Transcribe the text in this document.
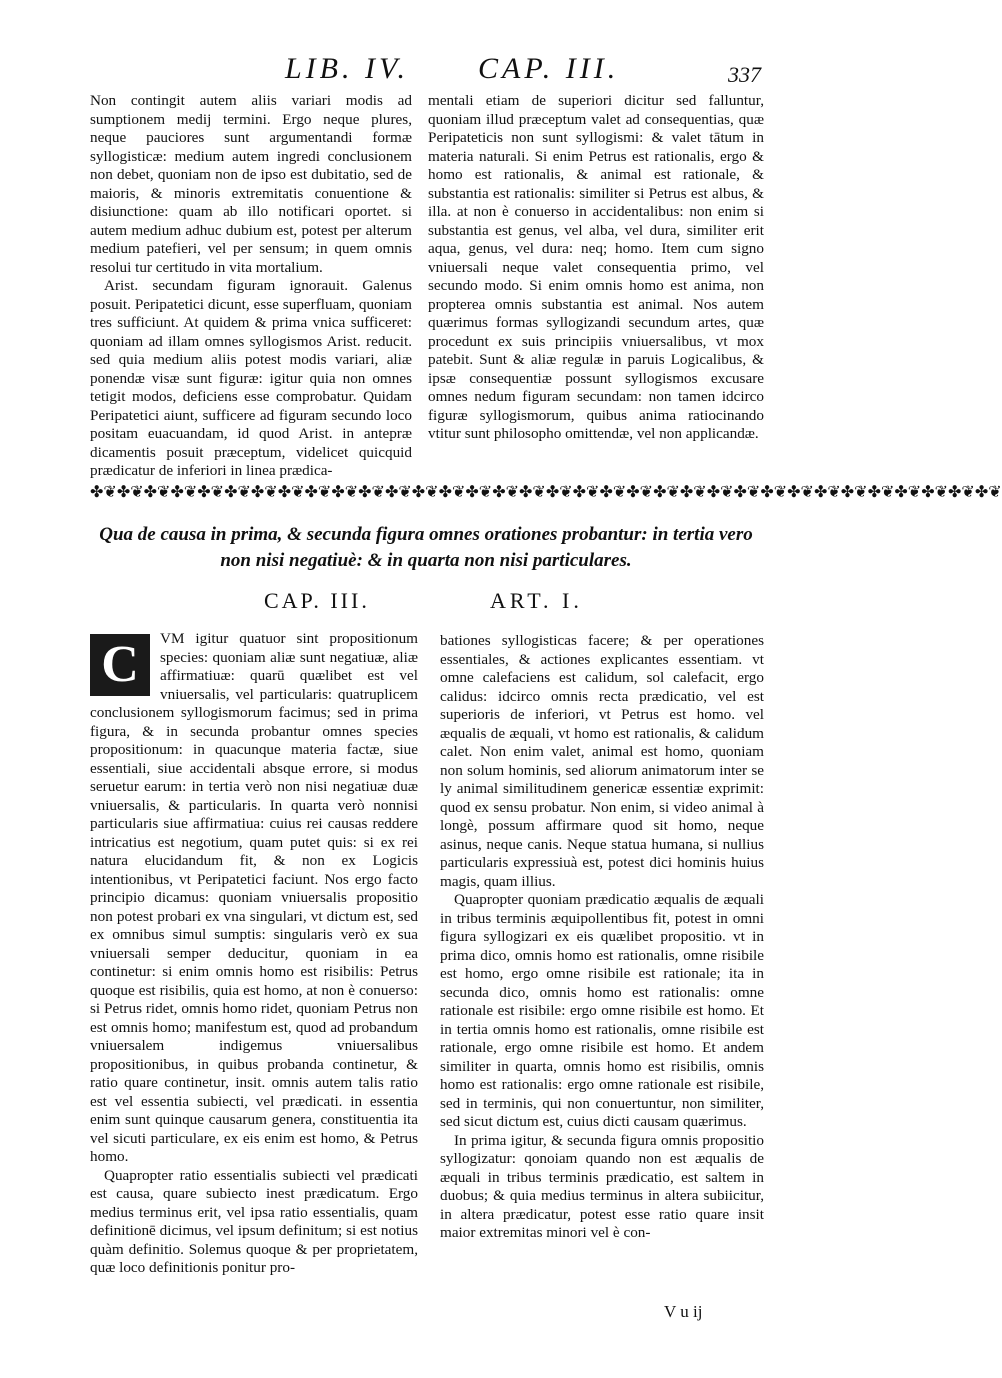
LIB. IV. CAP. III.	337

Non contingit autem aliis variari modis ad sumptionem medij termini. Ergo neque plures, neque pauciores sunt argumentandi formæ syllogisticæ: medium autem ingredi conclusionem non debet, quoniam non de ipso est dubitatio, sed de maioris, & minoris extremitatis conuentione & disiunctione: quam ab illo notificari oportet. si autem medium adhuc dubium est, potest per alterum medium patefieri, vel per sensum; in quem omnis resolui tur certitudo in vita mortalium.

Arist. secundam figuram ignorauit. Galenus posuit. Peripatetici dicunt, esse superfluam, quoniam tres sufficiunt. At quidem & prima vnica sufficeret: quoniam ad illam omnes syllogismos Arist. reducit. sed quia medium aliis potest modis variari, aliæ ponendæ visæ sunt figuræ: igitur quia non omnes tetigit modos, deficiens esse comprobatur. Quidam Peripatetici aiunt, sufficere ad figuram secundo loco positam euacuandam, id quod Arist. in antepræ dicamentis posuit præceptum, videlicet quicquid prædicatur de inferiori in linea prædica-

mentali etiam de superiori dicitur sed falluntur, quoniam illud præceptum valet ad consequentias, quæ Peripateticis non sunt syllogismi: & valet tātum in materia naturali. Si enim Petrus est rationalis, ergo & homo est rationalis, & animal est rationale, & substantia est rationalis: similiter si Petrus est albus, & illa. at non è conuerso in accidentalibus: non enim si substantia est genus, vel alba, vel dura, similiter erit aqua, genus, vel dura: neq; homo. Item cum signo vniuersali neque valet consequentia primo, vel secundo modo. Si enim omnis homo est anima, non propterea omnis substantia est animal. Nos autem quærimus formas syllogizandi secundum artes, quæ procedunt ex suis principiis vniuersalibus, vt mox patebit. Sunt & aliæ regulæ in paruis Logicalibus, & ipsæ consequentiæ possunt syllogismos excusare omnes nedum figuram secundam: non tamen idcirco figuræ syllogismorum, quibus anima ratiocinando vtitur sunt philosopho omittendæ, vel non applicandæ.

✤❦✤❦✤❦✤❦✤❦✤❦✤❦✤❦✤❦✤❦✤❦✤❦✤❦✤❦✤❦✤❦✤❦✤❦✤❦✤❦✤❦✤❦✤❦✤❦✤❦✤❦✤❦✤❦✤❦✤❦✤❦✤❦✤❦✤❦
Qua de causa in prima, & secunda figura omnes orationes probantur: in tertia vero non nisi negatiuè: & in quarta non nisi particulares.
CAP. III.	ART. I.
C	VM igitur quatuor sint propositionum species: quoniam aliæ sunt negatiuæ, aliæ affirmatiuæ: quarū quælibet est vel vniuersalis, vel particularis: quatruplicem conclusionem syllogismorum facimus; sed in prima figura, & in secunda probantur omnes species propositionum: in quacunque materia factæ, siue essentiali, siue accidentali absque errore, si modus seruetur earum: in tertia verò non nisi negatiuæ duæ vniuersalis, & particularis. In quarta verò nonnisi particularis siue affirmatiua: cuius rei causas reddere intricatius est negotium, quam putet quis: si ex rei natura elucidandum fit, & non ex Logicis intentionibus, vt Peripatetici faciunt. Nos ergo facto principio dicamus: quoniam vniuersalis propositio non potest probari ex vna singulari, vt dictum est, sed ex omnibus simul sumptis: singularis verò ex sua vniuersali semper deducitur, quoniam in ea continetur: si enim omnis homo est risibilis: Petrus quoque est risibilis, quia est homo, at non è conuerso: si Petrus ridet, omnis homo ridet, quoniam Petrus non est omnis homo; manifestum est, quod ad probandum vniuersalem indigemus vniuersalibus propositionibus, in quibus probanda continetur, & ratio quare continetur, insit. omnis autem talis ratio est vel essentia subiecti, vel prædicati. in essentia enim sunt quinque causarum genera, constituentia ita vel sicuti particulare, ex eis enim est homo, & Petrus homo.

Quapropter ratio essentialis subiecti vel prædicati est causa, quare subiecto inest prædicatum. Ergo medius terminus erit, vel ipsa ratio essentialis, quam definitionē dicimus, vel ipsum definitum; si est notius quàm definitio. Solemus quoque & per proprietatem, quæ loco definitionis ponitur pro-

bationes syllogisticas facere; & per operationes essentiales, & actiones explicantes essentiam. vt omne calefaciens est calidum, sol calefacit, ergo calidus: idcirco omnis recta prædicatio, vel est superioris de inferiori, vt Petrus est homo. vel æqualis de æquali, vt homo est rationalis, & calidum calet. Non enim valet, animal est homo, quoniam non solum hominis, sed aliorum animatorum inter se ly animal similitudinem genericæ essentiæ exprimit: quod ex sensu probatur. Non enim, si video animal à longè, possum affirmare quod sit homo, neque asinus, neque canis. Neque statua humana, si nullius particularis expressiuà est, potest dici hominis huius magis, quam illius.

Quapropter quoniam prædicatio æqualis de æquali in tribus terminis æquipollentibus fit, potest in omni figura syllogizari ex eis quælibet propositio. vt in prima dico, omnis homo est rationalis, omne risibile est homo, ergo omne risibile est rationale; ita in secunda dico, omnis homo est rationalis: omne rationale est risibile: ergo omne risibile est homo. Et in tertia omnis homo est rationalis, omne risibile est rationale, ergo omne risibile est homo. Et andem similiter in quarta, omnis homo est risibilis, omnis homo est rationalis: ergo omne rationale est risibile, sed in terminis, qui non conuertuntur, non similiter, sed sicut dictum est, cuius dicti causam quærimus.

In prima igitur, & secunda figura omnis propositio syllogizatur: qonoiam quando non est æqualis de æquali in tribus terminis prædicatio, est saltem in duobus; & quia medius terminus in altera subiicitur, in altera prædicatur, potest esse ratio quare insit maior extremitas minori vel è con-

V u ij
